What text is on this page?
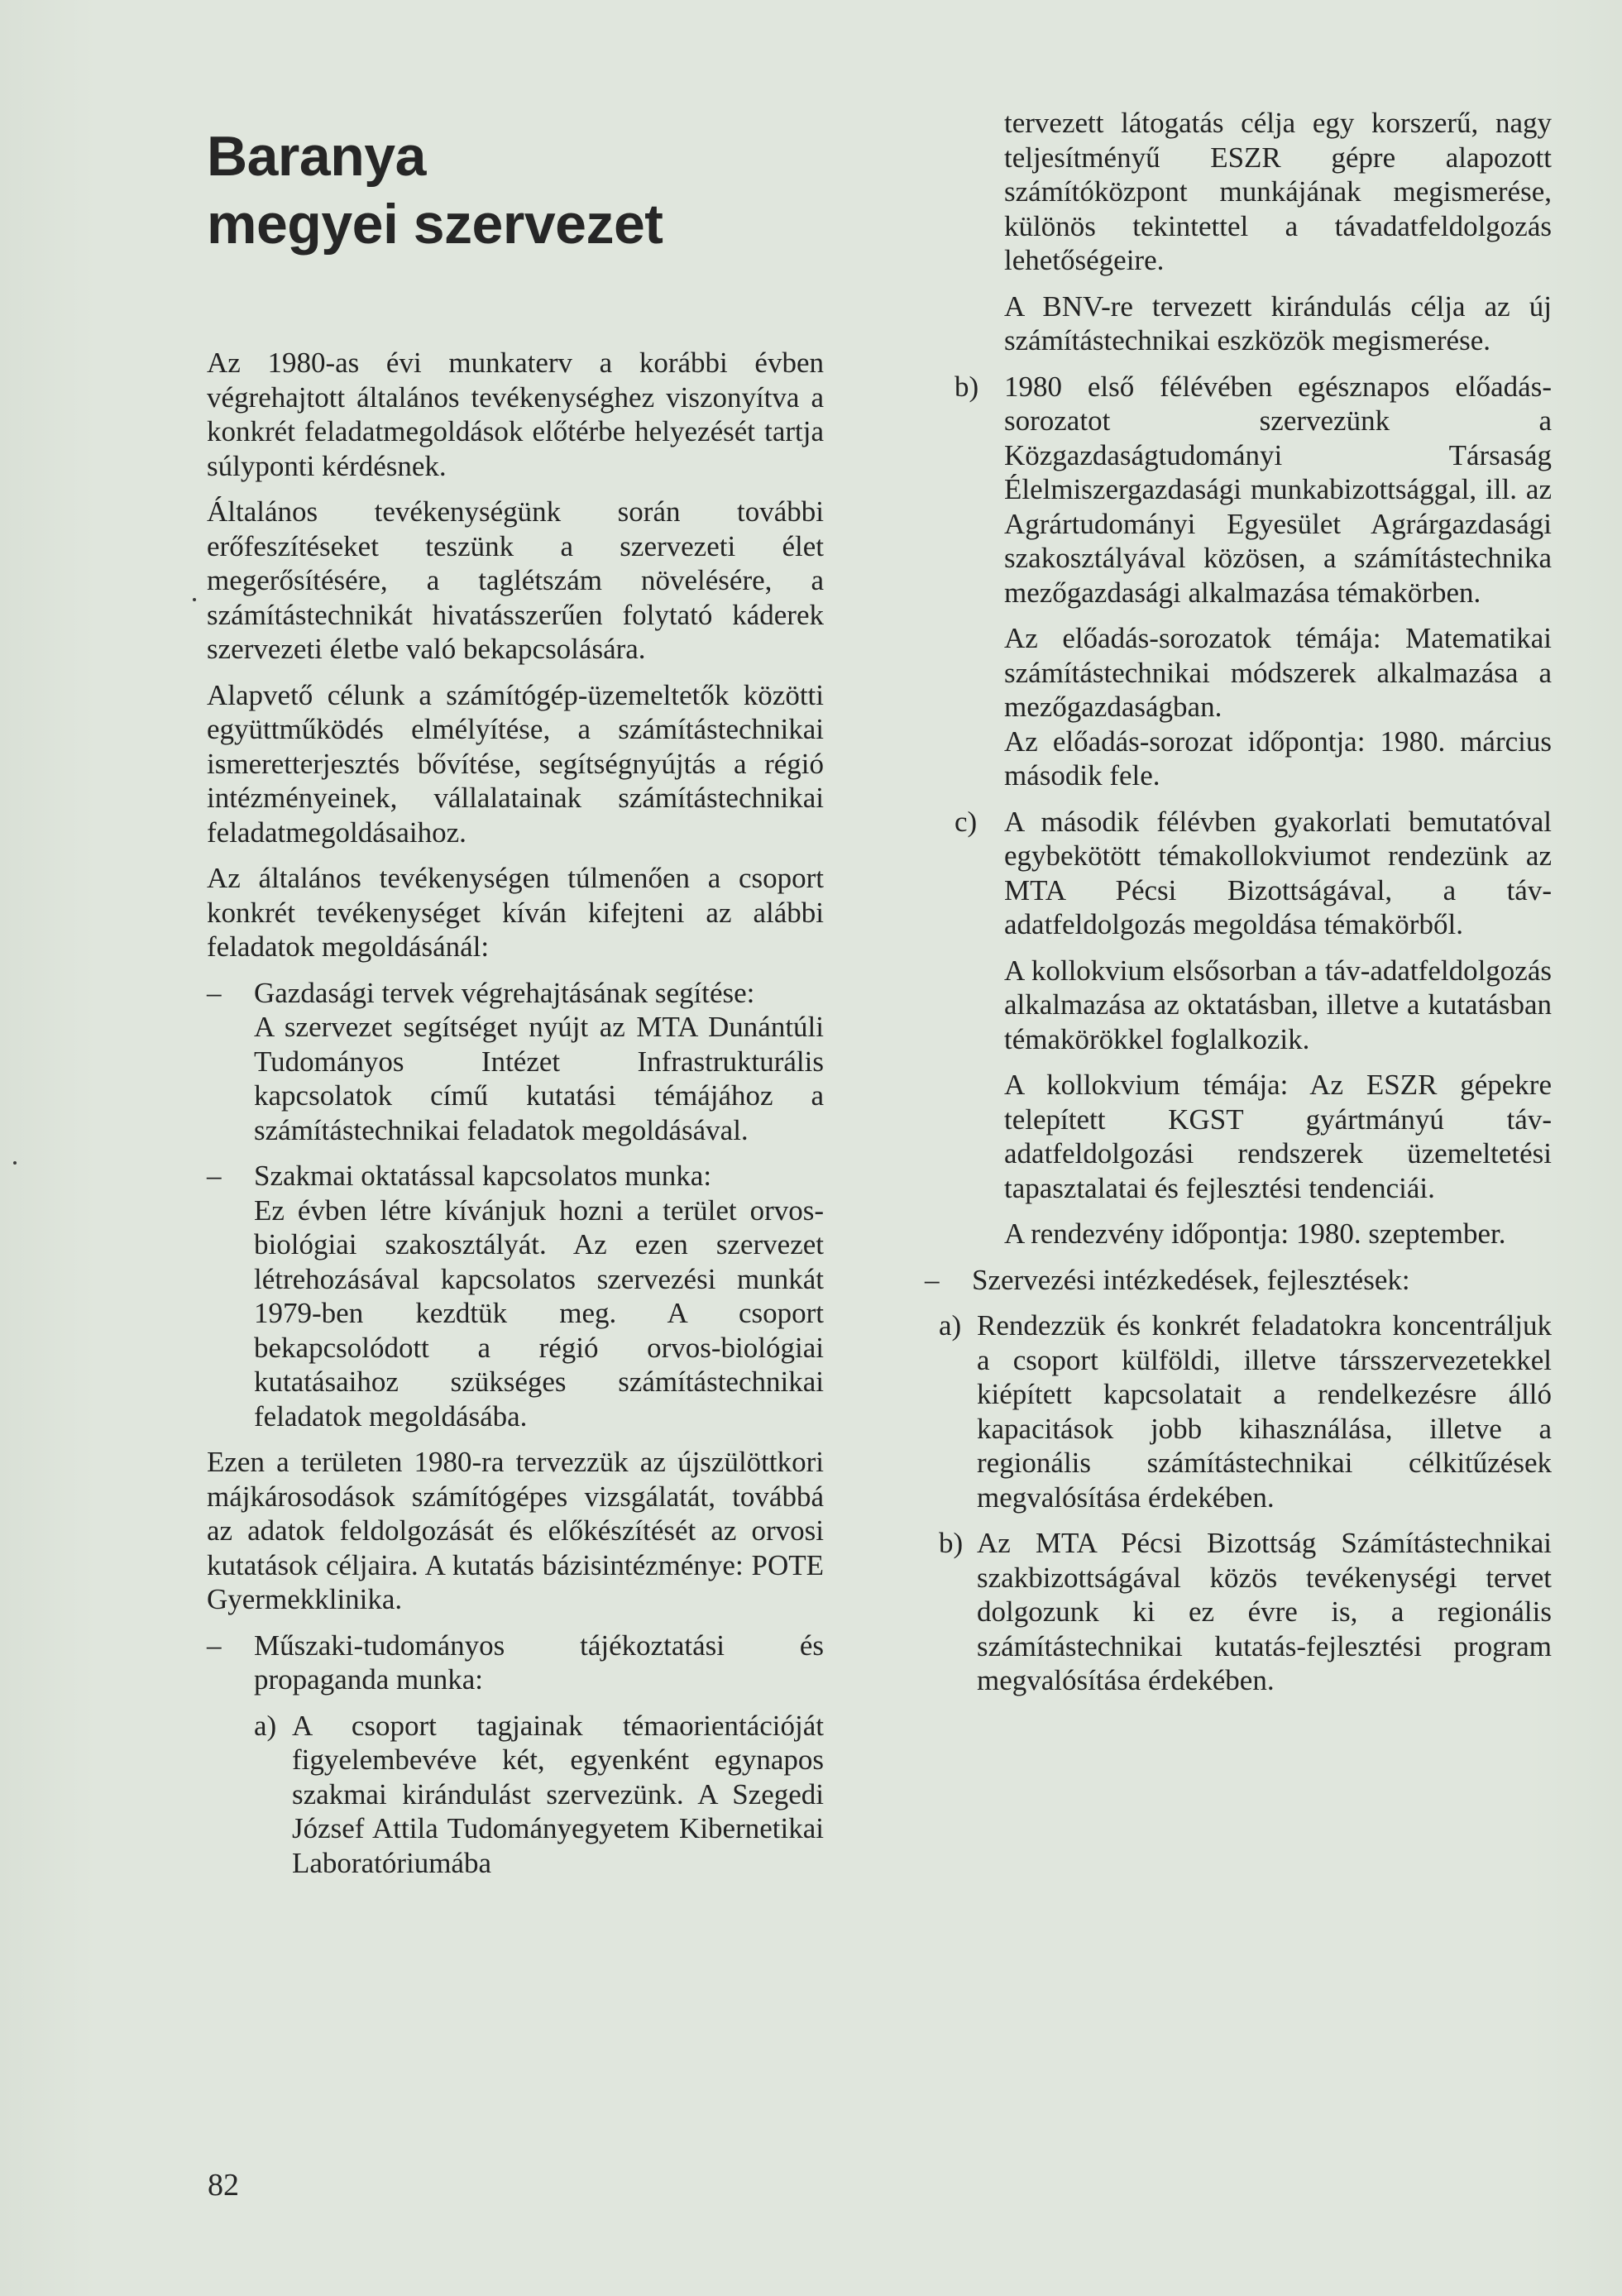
Baranya
megyei szervezet

Az 1980-as évi munkaterv a korábbi évben végrehajtott általános tevékenységhez viszonyítva a konkrét feladatmegoldások előtérbe helyezését tartja súlyponti kérdésnek.

Általános tevékenységünk során további erőfeszítéseket teszünk a szervezeti élet megerősítésére, a taglétszám növelésére, a számítástechnikát hivatásszerűen folytató káderek szervezeti életbe való bekapcsolására.

Alapvető célunk a számítógép-üzemeltetők közötti együttműködés elmélyítése, a számítástechnikai ismeretterjesztés bővítése, segítségnyújtás a régió intézményeinek, vállalatainak számítástechnikai feladatmegoldásaihoz.

Az általános tevékenységen túlmenően a csoport konkrét tevékenységet kíván kifejteni az alábbi feladatok megoldásánál:

– Gazdasági tervek végrehajtásának segítése:
A szervezet segítséget nyújt az MTA Dunántúli Tudományos Intézet Infrastrukturális kapcsolatok című kutatási témájához a számítástechnikai feladatok megoldásával.
– Szakmai oktatással kapcsolatos munka:
Ez évben létre kívánjuk hozni a terület orvos-biológiai szakosztályát. Az ezen szervezet létrehozásával kapcsolatos szervezési munkát 1979-ben kezdtük meg. A csoport bekapcsolódott a régió orvos-biológiai kutatásaihoz szükséges számítástechnikai feladatok megoldásába.

Ezen a területen 1980-ra tervezzük az újszülöttkori májkárosodások számítógépes vizsgálatát, továbbá az adatok feldolgozását és előkészítését az orvosi kutatások céljaira. A kutatás bázisintézménye: POTE Gyermekklinika.

– Műszaki-tudományos tájékoztatási és propaganda munka:
a) A csoport tagjainak témaorientációját figyelembevéve két, egyenként egynapos szakmai kirándulást szervezünk. A Szegedi József Attila Tudományegyetem Kibernetikai Laboratóriumába

tervezett látogatás célja egy korszerű, nagy teljesítményű ESZR gépre alapozott számítóközpont munkájának megismerése, különös tekintettel a távadatfeldolgozás lehetőségeire.

A BNV-re tervezett kirándulás célja az új számítástechnikai eszközök megismerése.

b) 1980 első félévében egésznapos előadás-sorozatot szervezünk a Közgazdaságtudományi Társaság Élelmiszergazdasági munkabizottsággal, ill. az Agrártudományi Egyesület Agrárgazdasági szakosztályával közösen, a számítástechnika mezőgazdasági alkalmazása témakörben.
Az előadás-sorozatok témája: Matematikai számítástechnikai módszerek alkalmazása a mezőgazdaságban.
Az előadás-sorozat időpontja: 1980. március második fele.
c) A második félévben gyakorlati bemutatóval egybekötött témakollokviumot rendezünk az MTA Pécsi Bizottságával, a táv-adatfeldolgozás megoldása témakörből.
A kollokvium elsősorban a táv-adatfeldolgozás alkalmazása az oktatásban, illetve a kutatásban témakörökkel foglalkozik.
A kollokvium témája: Az ESZR gépekre telepített KGST gyártmányú táv-adatfeldolgozási rendszerek üzemeltetési tapasztalatai és fejlesztési tendenciái.
A rendezvény időpontja: 1980. szeptember.
– Szervezési intézkedések, fejlesztések:
a) Rendezzük és konkrét feladatokra koncentráljuk a csoport külföldi, illetve társszervezetekkel kiépített kapcsolatait a rendelkezésre álló kapacitások jobb kihasználása, illetve a regionális számítástechnikai célkitűzések megvalósítása érdekében.
b) Az MTA Pécsi Bizottság Számítástechnikai szakbizottságával közös tevékenységi tervet dolgozunk ki ez évre is, a regionális számítástechnikai kutatás-fejlesztési program megvalósítása érdekében.
82
